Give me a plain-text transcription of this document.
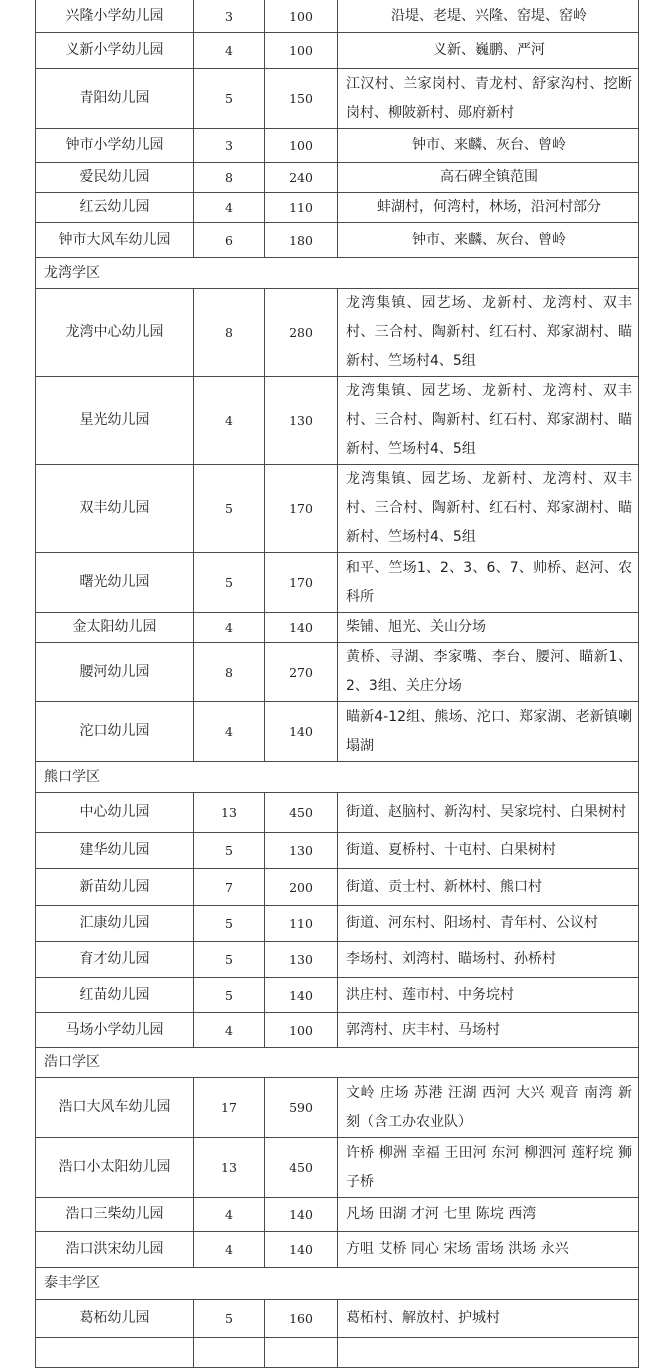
兴隆小学幼儿园	3	100	沿堤、老堤、兴隆、窑堤、窑岭
义新小学幼儿园	4	100	义新、巍鹏、严河
青阳幼儿园	5	150	江汉村、兰家岗村、青龙村、舒家沟村、挖断岗村、柳陂新村、郧府新村
钟市小学幼儿园	3	100	钟市、来麟、灰台、曾岭
爱民幼儿园	8	240	高石碑全镇范围
红云幼儿园	4	110	蚌湖村，何湾村，林场，沿河村部分
钟市大风车幼儿园	6	180	钟市、来麟、灰台、曾岭
龙湾学区			
龙湾中心幼儿园	8	280	龙湾集镇、园艺场、龙新村、龙湾村、双丰村、三合村、陶新村、红石村、郑家湖村、瞄新村、竺场村4、5组
星光幼儿园	4	130	龙湾集镇、园艺场、龙新村、龙湾村、双丰村、三合村、陶新村、红石村、郑家湖村、瞄新村、竺场村4、5组
双丰幼儿园	5	170	龙湾集镇、园艺场、龙新村、龙湾村、双丰村、三合村、陶新村、红石村、郑家湖村、瞄新村、竺场村4、5组
曙光幼儿园	5	170	和平、竺场1、2、3、6、7、帅桥、赵河、农科所
金太阳幼儿园	4	140	柴铺、旭光、关山分场
腰河幼儿园	8	270	黄桥、寻湖、李家嘴、李台、腰河、瞄新1、2、3组、关庄分场
沱口幼儿园	4	140	瞄新4-12组、熊场、沱口、郑家湖、老新镇喇塌湖
熊口学区			
中心幼儿园	13	450	街道、赵脑村、新沟村、吴家垸村、白果树村
建华幼儿园	5	130	街道、夏桥村、十屯村、白果树村
新苗幼儿园	7	200	街道、贡士村、新林村、熊口村
汇康幼儿园	5	110	街道、河东村、阳场村、青年村、公议村
育才幼儿园	5	130	李场村、刘湾村、瞄场村、孙桥村
红苗幼儿园	5	140	洪庄村、莲市村、中务垸村
马场小学幼儿园	4	100	郭湾村、庆丰村、马场村
浩口学区			
浩口大风车幼儿园	17	590	文岭 庄场 苏港 汪湖 西河 大兴 观音 南湾 新刻（含工办农业队）
浩口小太阳幼儿园	13	450	许桥 柳洲 幸福 王田河 东河 柳泗河 莲籽垸 狮子桥
浩口三柴幼儿园	4	140	凡场 田湖 才河 七里 陈垸 西湾
浩口洪宋幼儿园	4	140	方咀 艾桥 同心 宋场 雷场 洪场 永兴
泰丰学区			
葛柘幼儿园	5	160	葛柘村、解放村、护城村
